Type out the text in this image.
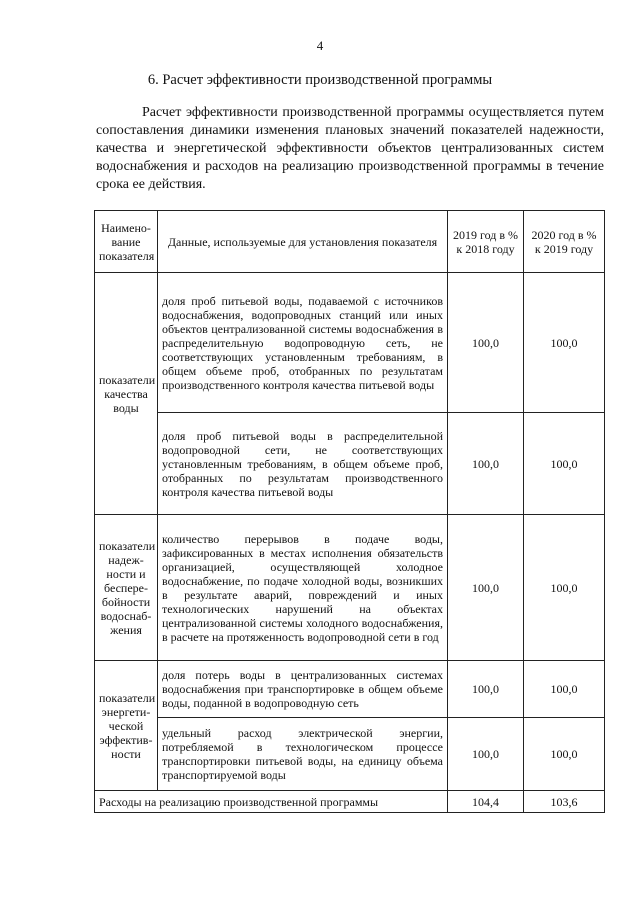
4
6. Расчет эффективности производственной программы

Расчет эффективности производственной программы осуществляется путем сопоставления динамики изменения плановых значений показателей надежности, качества и энергетической эффективности объектов централизованных систем водоснабжения и расходов на реализацию производственной программы в течение срока ее действия.

Наимено-вание показателя	Данные, используемые для установления показателя	2019 год в % к 2018 году	2020 год в % к 2019 году
показатели качества воды	доля проб питьевой воды, подаваемой с источников водоснабжения, водопроводных станций или иных объектов централизованной системы водоснабжения в распределительную водопроводную сеть, не соответствующих установленным требованиям, в общем объеме проб, отобранных по результатам производственного контроля качества питьевой воды	100,0	100,0
	доля проб питьевой воды в распределительной водопроводной сети, не соответствующих установленным требованиям, в общем объеме проб, отобранных по результатам производственного контроля качества питьевой воды	100,0	100,0
показатели надеж-ности и беспере-бойности водоснаб-жения	количество перерывов в подаче воды, зафиксированных в местах исполнения обязательств организацией, осуществляющей холодное водоснабжение, по подаче холодной воды, возникших в результате аварий, повреждений и иных технологических нарушений на объектах централизованной системы холодного водоснабжения, в расчете на протяженность водопроводной сети в год	100,0	100,0
показатели энергети-ческой эффектив-ности	доля потерь воды в централизованных системах водоснабжения при транспортировке в общем объеме воды, поданной в водопроводную сеть	100,0	100,0
	удельный расход электрической энергии, потребляемой в технологическом процессе транспортировки питьевой воды, на единицу объема транспортируемой воды	100,0	100,0
Расходы на реализацию производственной программы		104,4	103,6
